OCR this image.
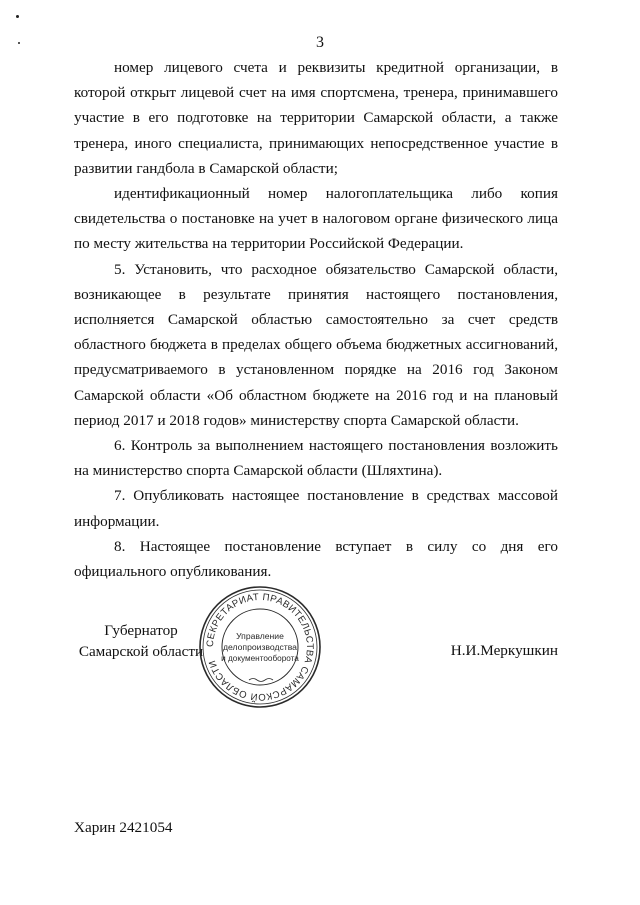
3

номер лицевого счета и реквизиты кредитной организации, в которой открыт лицевой счет на имя спортсмена, тренера, принимавшего участие в его подготовке на территории Самарской области, а также тренера, иного специалиста, принимающих непосредственное участие в развитии гандбола в Самарской области;

идентификационный номер налогоплательщика либо копия свидетельства о постановке на учет в налоговом органе физического лица по месту жительства на территории Российской Федерации.

5. Установить, что расходное обязательство Самарской области, возникающее в результате принятия настоящего постановления, исполняется Самарской областью самостоятельно за счет средств областного бюджета в пределах общего объема бюджетных ассигнований, предусматриваемого в установленном порядке на 2016 год Законом Самарской области «Об областном бюджете на 2016 год и на плановый период 2017 и 2018 годов» министерству спорта Самарской области.

6. Контроль за выполнением настоящего постановления возложить на министерство спорта Самарской области (Шляхтина).

7. Опубликовать настоящее постановление в средствах массовой информации.

8. Настоящее постановление вступает в силу со дня его официального опубликования.

Губернатор
Самарской области СЕКРЕТАРИАТ ПРАВИТЕЛЬСТВА САМАРСКОЙ ОБЛАСТИ
Управление
делопроизводства
и документооборота	Н.И.Меркушкин
Харин 2421054
